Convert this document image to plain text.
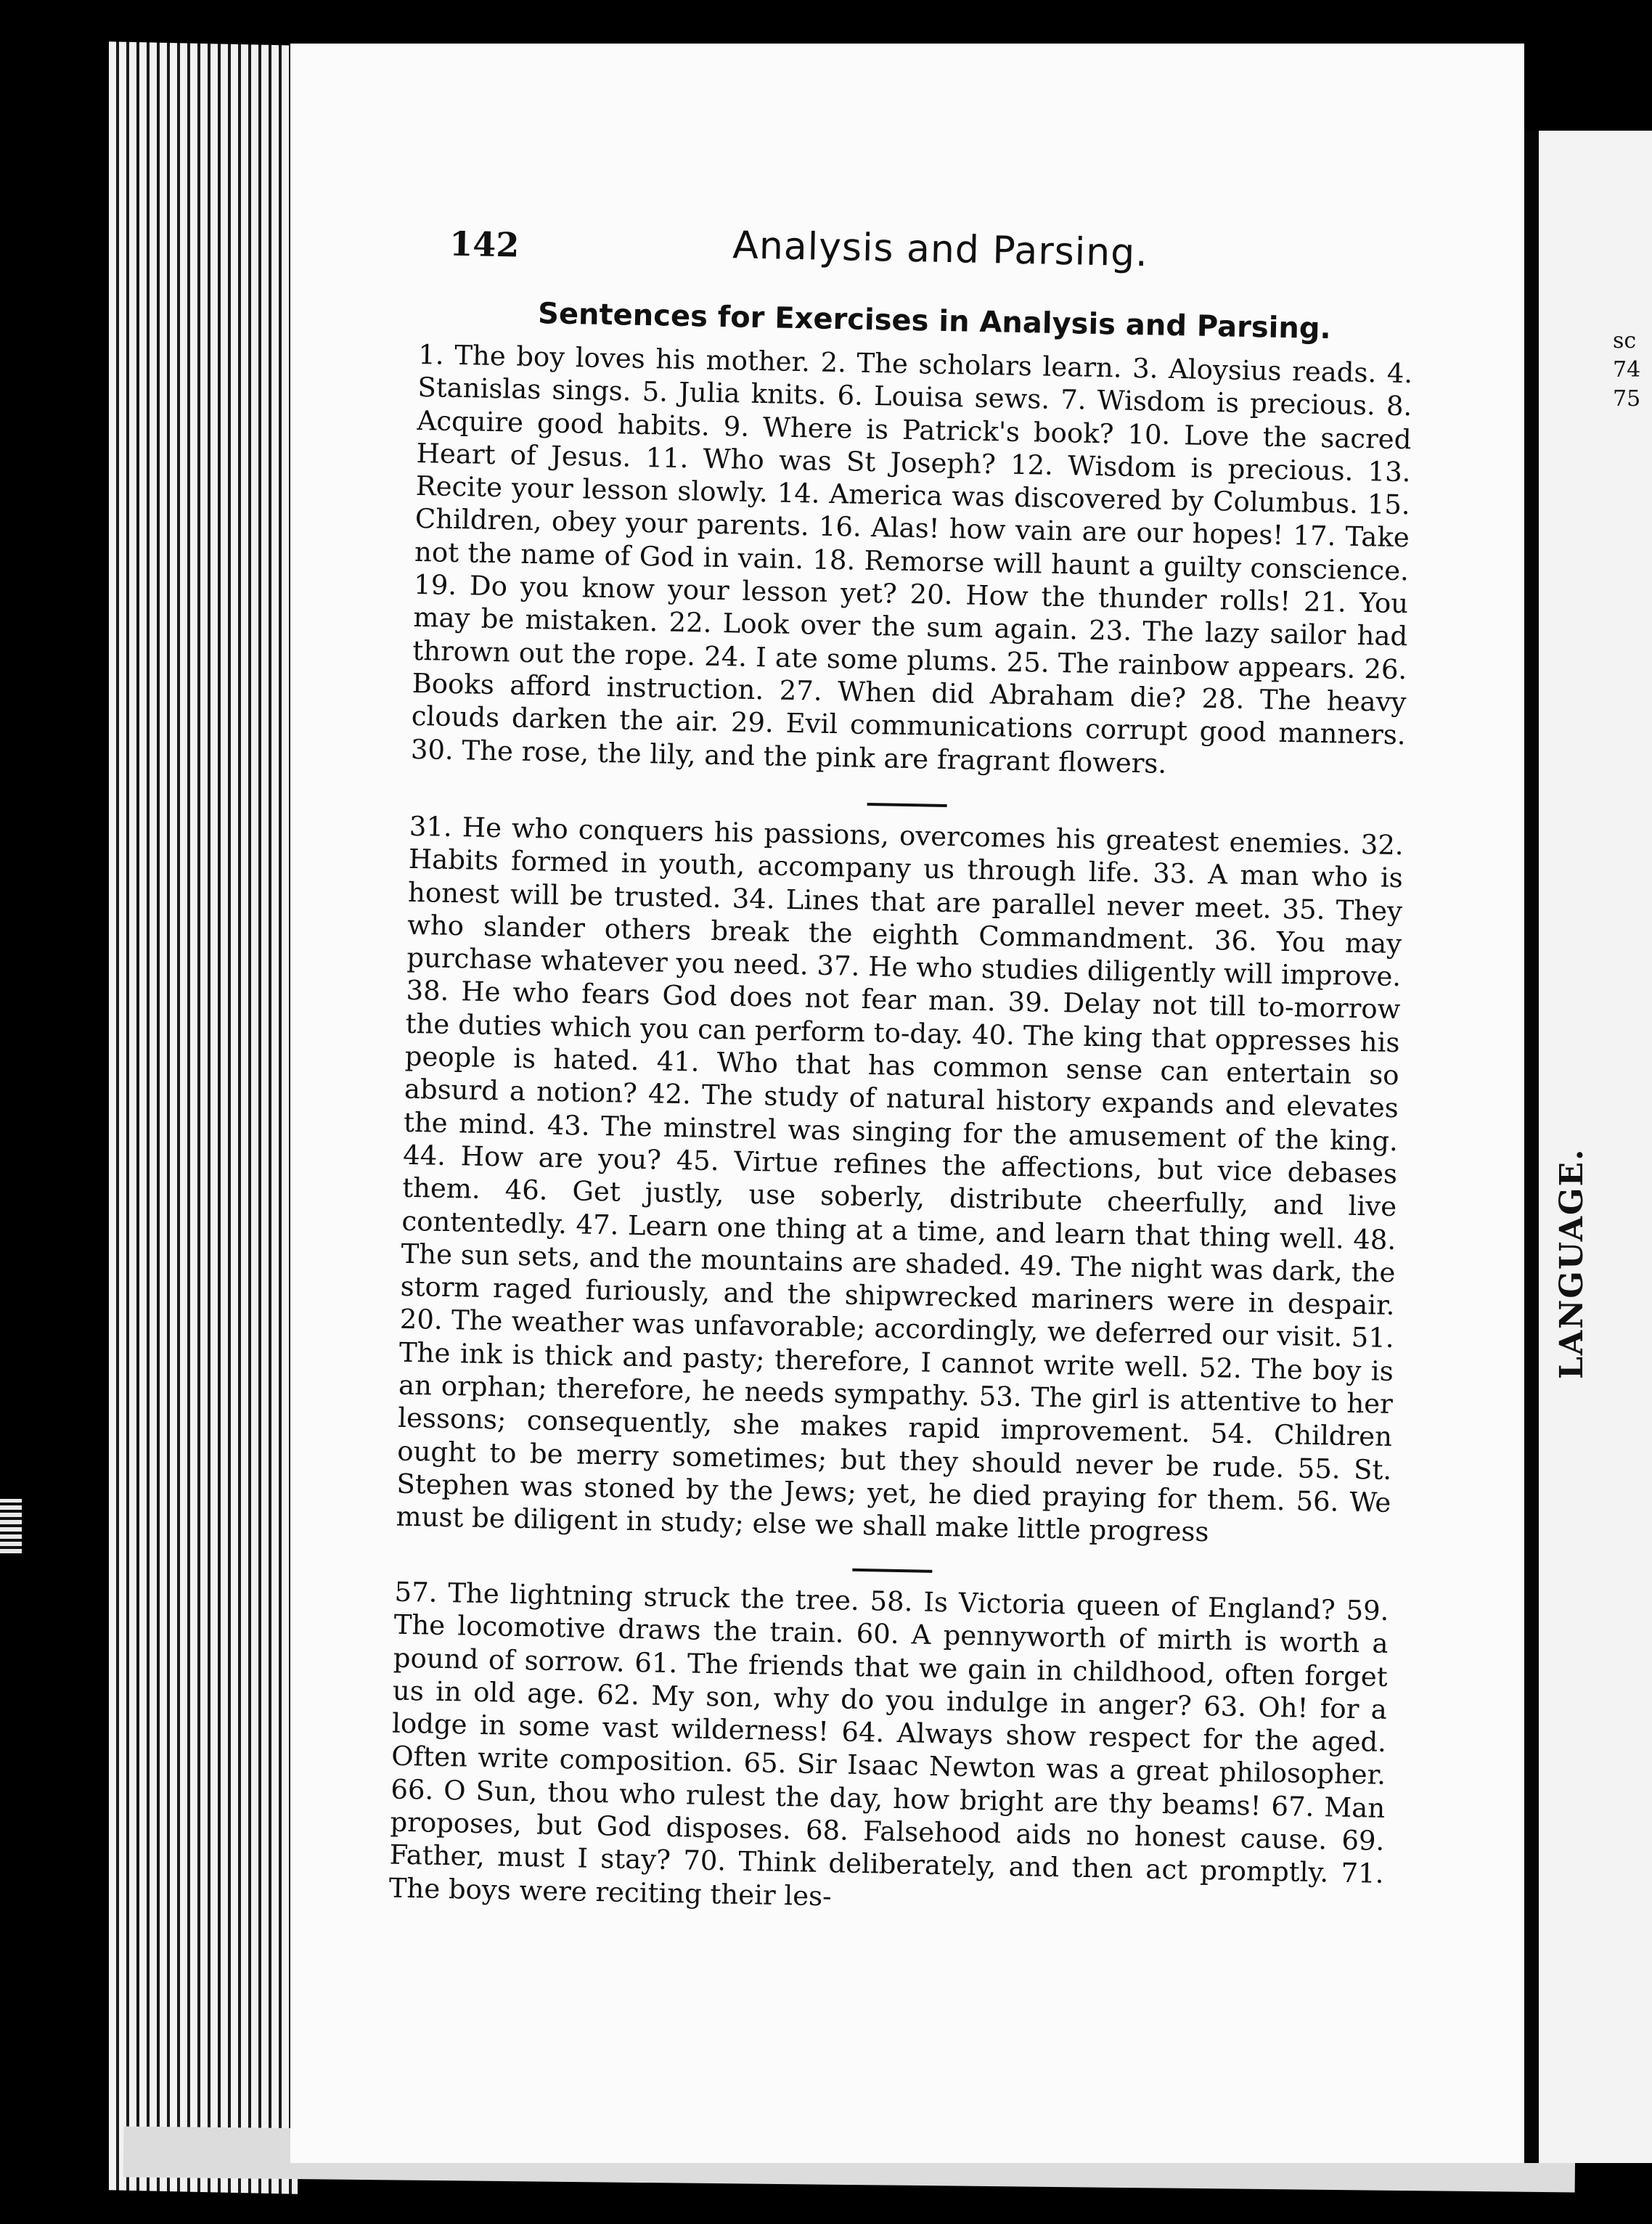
sc
74
75
LANGUAGE.
142	Analysis and Parsing.
Sentences for Exercises in Analysis and Parsing.

1. The boy loves his mother. 2. The scholars learn. 3. Aloysius reads. 4. Stanislas sings. 5. Julia knits. 6. Louisa sews. 7. Wisdom is precious. 8. Acquire good habits. 9. Where is Patrick's book? 10. Love the sacred Heart of Jesus. 11. Who was St Joseph? 12. Wisdom is precious. 13. Recite your lesson slowly. 14. America was discovered by Columbus. 15. Children, obey your parents. 16. Alas! how vain are our hopes! 17. Take not the name of God in vain. 18. Remorse will haunt a guilty conscience. 19. Do you know your lesson yet? 20. How the thunder rolls! 21. You may be mistaken. 22. Look over the sum again. 23. The lazy sailor had thrown out the rope. 24. I ate some plums. 25. The rainbow appears. 26. Books afford instruction. 27. When did Abraham die? 28. The heavy clouds darken the air. 29. Evil communications corrupt good manners. 30. The rose, the lily, and the pink are fragrant flowers.

31. He who conquers his passions, overcomes his greatest enemies. 32. Habits formed in youth, accompany us through life. 33. A man who is honest will be trusted. 34. Lines that are parallel never meet. 35. They who slander others break the eighth Commandment. 36. You may purchase whatever you need. 37. He who studies diligently will improve. 38. He who fears God does not fear man. 39. Delay not till to-morrow the duties which you can perform to-day. 40. The king that oppresses his people is hated. 41. Who that has common sense can entertain so absurd a notion? 42. The study of natural history expands and elevates the mind. 43. The minstrel was singing for the amusement of the king. 44. How are you? 45. Virtue refines the affections, but vice debases them. 46. Get justly, use soberly, distribute cheerfully, and live contentedly. 47. Learn one thing at a time, and learn that thing well. 48. The sun sets, and the mountains are shaded. 49. The night was dark, the storm raged furiously, and the shipwrecked mariners were in despair. 20. The weather was unfavorable; accordingly, we deferred our visit. 51. The ink is thick and pasty; therefore, I cannot write well. 52. The boy is an orphan; therefore, he needs sympathy. 53. The girl is attentive to her lessons; consequently, she makes rapid improvement. 54. Children ought to be merry sometimes; but they should never be rude. 55. St. Stephen was stoned by the Jews; yet, he died praying for them. 56. We must be diligent in study; else we shall make little progress

57. The lightning struck the tree. 58. Is Victoria queen of England? 59. The locomotive draws the train. 60. A pennyworth of mirth is worth a pound of sorrow. 61. The friends that we gain in childhood, often forget us in old age. 62. My son, why do you indulge in anger? 63. Oh! for a lodge in some vast wilderness! 64. Always show respect for the aged. Often write composition. 65. Sir Isaac Newton was a great philosopher. 66. O Sun, thou who rulest the day, how bright are thy beams! 67. Man proposes, but God disposes. 68. Falsehood aids no honest cause. 69. Father, must I stay? 70. Think deliberately, and then act promptly. 71. The boys were reciting their les-
